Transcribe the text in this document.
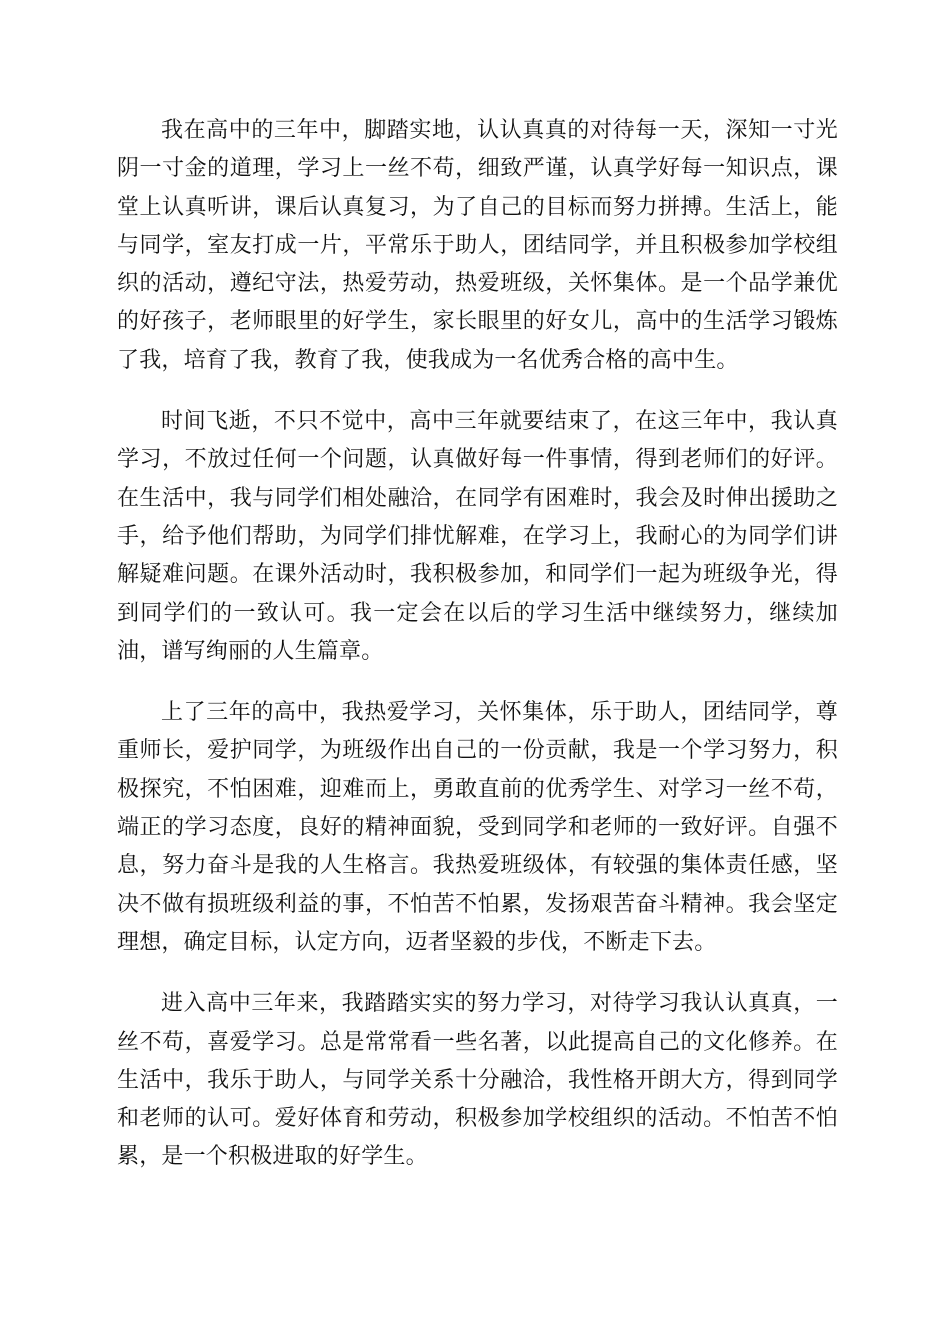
我在高中的三年中，脚踏实地，认认真真的对待每一天，深知一寸光阴一寸金的道理，学习上一丝不苟，细致严谨，认真学好每一知识点，课堂上认真听讲，课后认真复习，为了自己的目标而努力拼搏。生活上，能与同学，室友打成一片，平常乐于助人，团结同学，并且积极参加学校组织的活动，遵纪守法，热爱劳动，热爱班级，关怀集体。是一个品学兼优的好孩子，老师眼里的好学生，家长眼里的好女儿，高中的生活学习锻炼了我，培育了我，教育了我，使我成为一名优秀合格的高中生。

时间飞逝，不只不觉中，高中三年就要结束了，在这三年中，我认真学习，不放过任何一个问题，认真做好每一件事情，得到老师们的好评。在生活中，我与同学们相处融洽，在同学有困难时，我会及时伸出援助之手，给予他们帮助，为同学们排忧解难，在学习上，我耐心的为同学们讲解疑难问题。在课外活动时，我积极参加，和同学们一起为班级争光，得到同学们的一致认可。我一定会在以后的学习生活中继续努力，继续加油，谱写绚丽的人生篇章。

上了三年的高中，我热爱学习，关怀集体，乐于助人，团结同学，尊重师长，爱护同学，为班级作出自己的一份贡献，我是一个学习努力，积极探究，不怕困难，迎难而上，勇敢直前的优秀学生、对学习一丝不苟，端正的学习态度，良好的精神面貌，受到同学和老师的一致好评。自强不息，努力奋斗是我的人生格言。我热爱班级体，有较强的集体责任感，坚决不做有损班级利益的事，不怕苦不怕累，发扬艰苦奋斗精神。我会坚定理想，确定目标，认定方向，迈者坚毅的步伐，不断走下去。

进入高中三年来，我踏踏实实的努力学习，对待学习我认认真真，一丝不苟，喜爱学习。总是常常看一些名著，以此提高自己的文化修养。在生活中，我乐于助人，与同学关系十分融洽，我性格开朗大方，得到同学和老师的认可。爱好体育和劳动，积极参加学校组织的活动。不怕苦不怕累，是一个积极进取的好学生。
